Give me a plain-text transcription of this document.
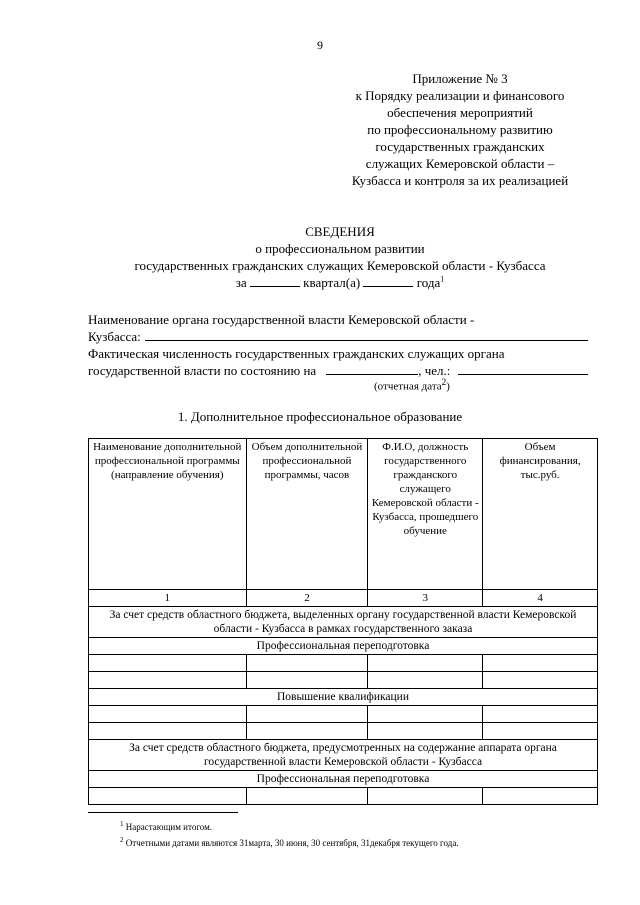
9
Приложение № 3
к Порядку реализации и финансового
обеспечения мероприятий
по профессиональному развитию
государственных гражданских
служащих Кемеровской области –
Кузбасса и контроля за их реализацией
СВЕДЕНИЯ
о профессиональном развитии
государственных гражданских служащих Кемеровской области - Кузбасса
за	квартал(а)	года$^1$
Наименование органа государственной власти Кемеровской области -
Кузбасса:
Фактическая численность государственных гражданских служащих органа
государственной власти по состоянию на	, чел.:
(отчетная дата$^2$)
1. Дополнительное профессиональное образование
Наименование дополнительной профессиональной программы (направление обучения)	Объем дополнительной профессиональной программы, часов	Ф.И.О, должность государственного гражданского служащего Кемеровской области - Кузбасса, прошедшего обучение	Объем финансирования, тыс.руб.
1	2	3	4
За счет средств областного бюджета, выделенных органу государственной власти Кемеровской области - Кузбасса в рамках государственного заказа			
Профессиональная переподготовка			

Повышение квалификации			

За счет средств областного бюджета, предусмотренных на содержание аппарата органа государственной власти Кемеровской области - Кузбасса			
Профессиональная переподготовка			

$^1$ Нарастающим итогом.
$^2$ Отчетными датами являются 31марта, 30 июня, 30 сентября, 31декабря текущего года.
